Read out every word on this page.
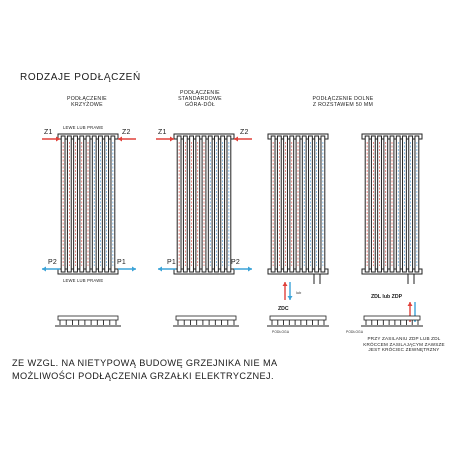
RODZAJE PODŁĄCZEŃ
PODŁĄCZENIE
KRZYŻOWE
PODŁĄCZENIE
STANDARDOWE
GÓRA-DÓŁ
PODŁĄCZENIE DOLNE
Z ROZSTAWEM 50 MM
LEWE LUB PRAWE
LEWE LUB PRAWE
Z1	Z2
P2	P1
Z1	Z2
P1	P2
ZDC
ZDL lub ZDP
lub
PODŁOGA	PODŁOGA
PRZY ZASILANIU ZDP LUB ZDL
KRÓCCEM ZASILAJĄCYM ZAWSZE
JEST KRÓCIEC ZEWNĘTRZNY
ZE WZGL. NA NIETYPOWĄ BUDOWĘ GRZEJNIKA NIE MA
MOŻLIWOŚCI PODŁĄCZENIA GRZAŁKI ELEKTRYCZNEJ.
